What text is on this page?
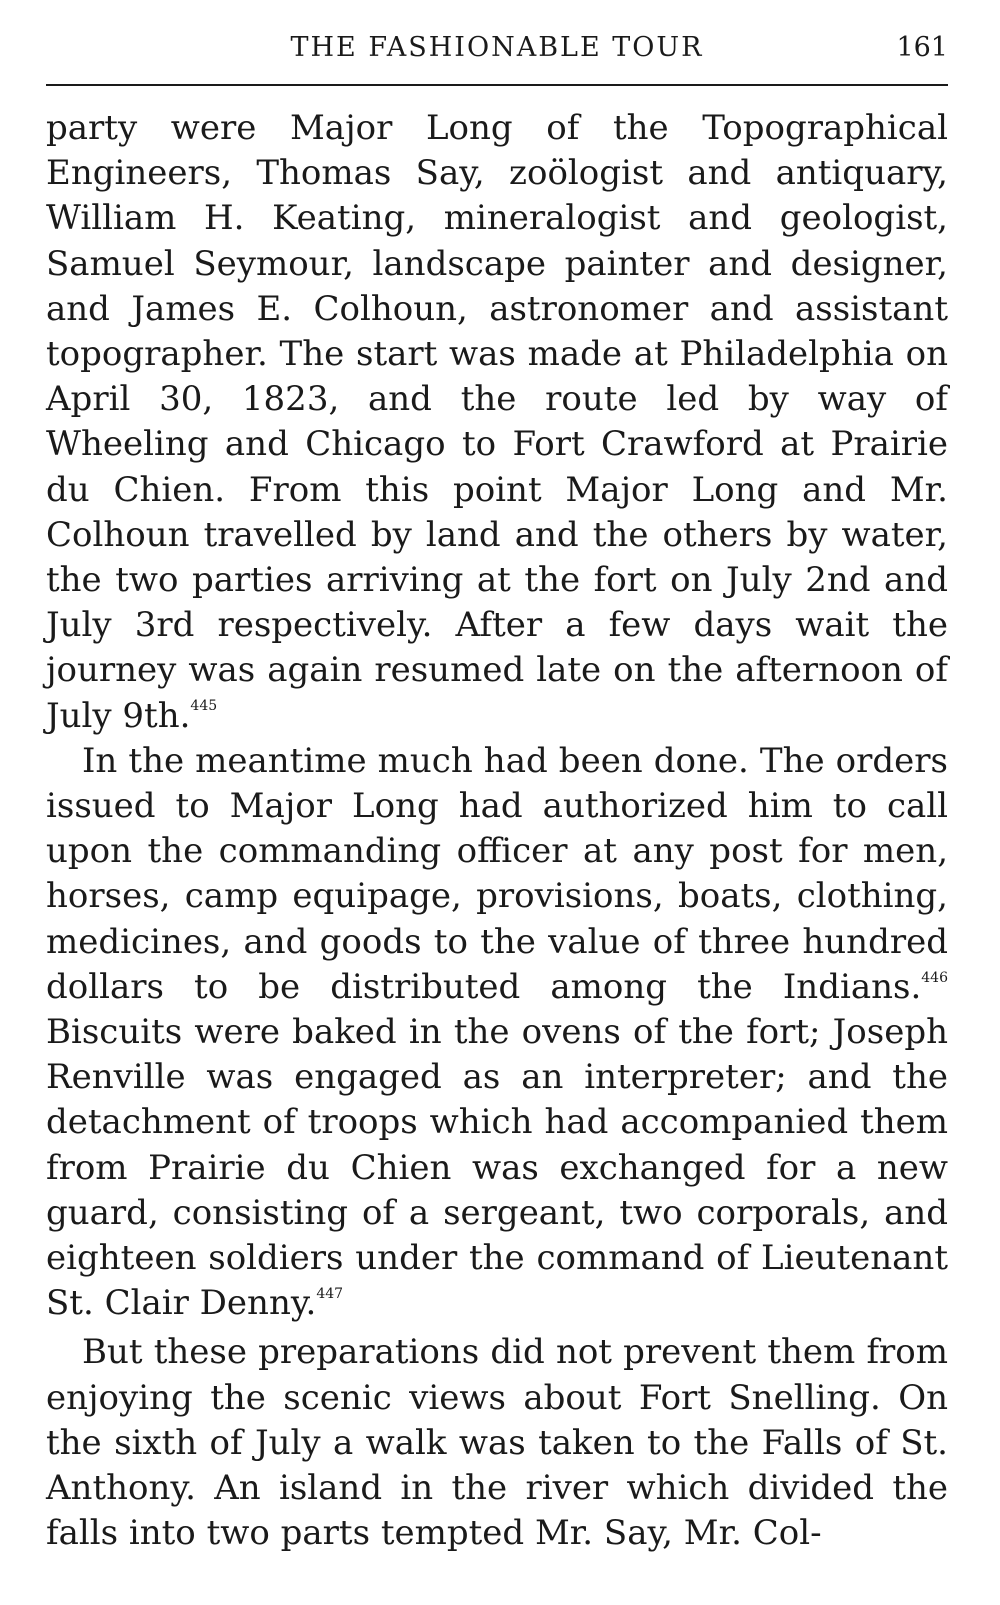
THE FASHIONABLE TOUR	161

party were Major Long of the Topographical Engineers, Thomas Say, zoölogist and antiquary, William H. Keating, mineralogist and geologist, Samuel Seymour, landscape painter and designer, and James E. Colhoun, astronomer and assistant topographer. The start was made at Philadelphia on April 30, 1823, and the route led by way of Wheeling and Chicago to Fort Crawford at Prairie du Chien. From this point Major Long and Mr. Colhoun travelled by land and the others by water, the two parties arriving at the fort on July 2nd and July 3rd respectively. After a few days wait the journey was again resumed late on the afternoon of July 9th.$^{445}$

In the meantime much had been done. The orders issued to Major Long had authorized him to call upon the commanding officer at any post for men, horses, camp equipage, provisions, boats, clothing, medicines, and goods to the value of three hundred dollars to be distributed among the Indians.$^{446}$ Biscuits were baked in the ovens of the fort; Joseph Renville was engaged as an interpreter; and the detachment of troops which had accompanied them from Prairie du Chien was exchanged for a new guard, consisting of a sergeant, two corporals, and eighteen soldiers under the command of Lieutenant St. Clair Denny.$^{447}$

But these preparations did not prevent them from enjoying the scenic views about Fort Snelling. On the sixth of July a walk was taken to the Falls of St. Anthony. An island in the river which divided the falls into two parts tempted Mr. Say, Mr. Col-
